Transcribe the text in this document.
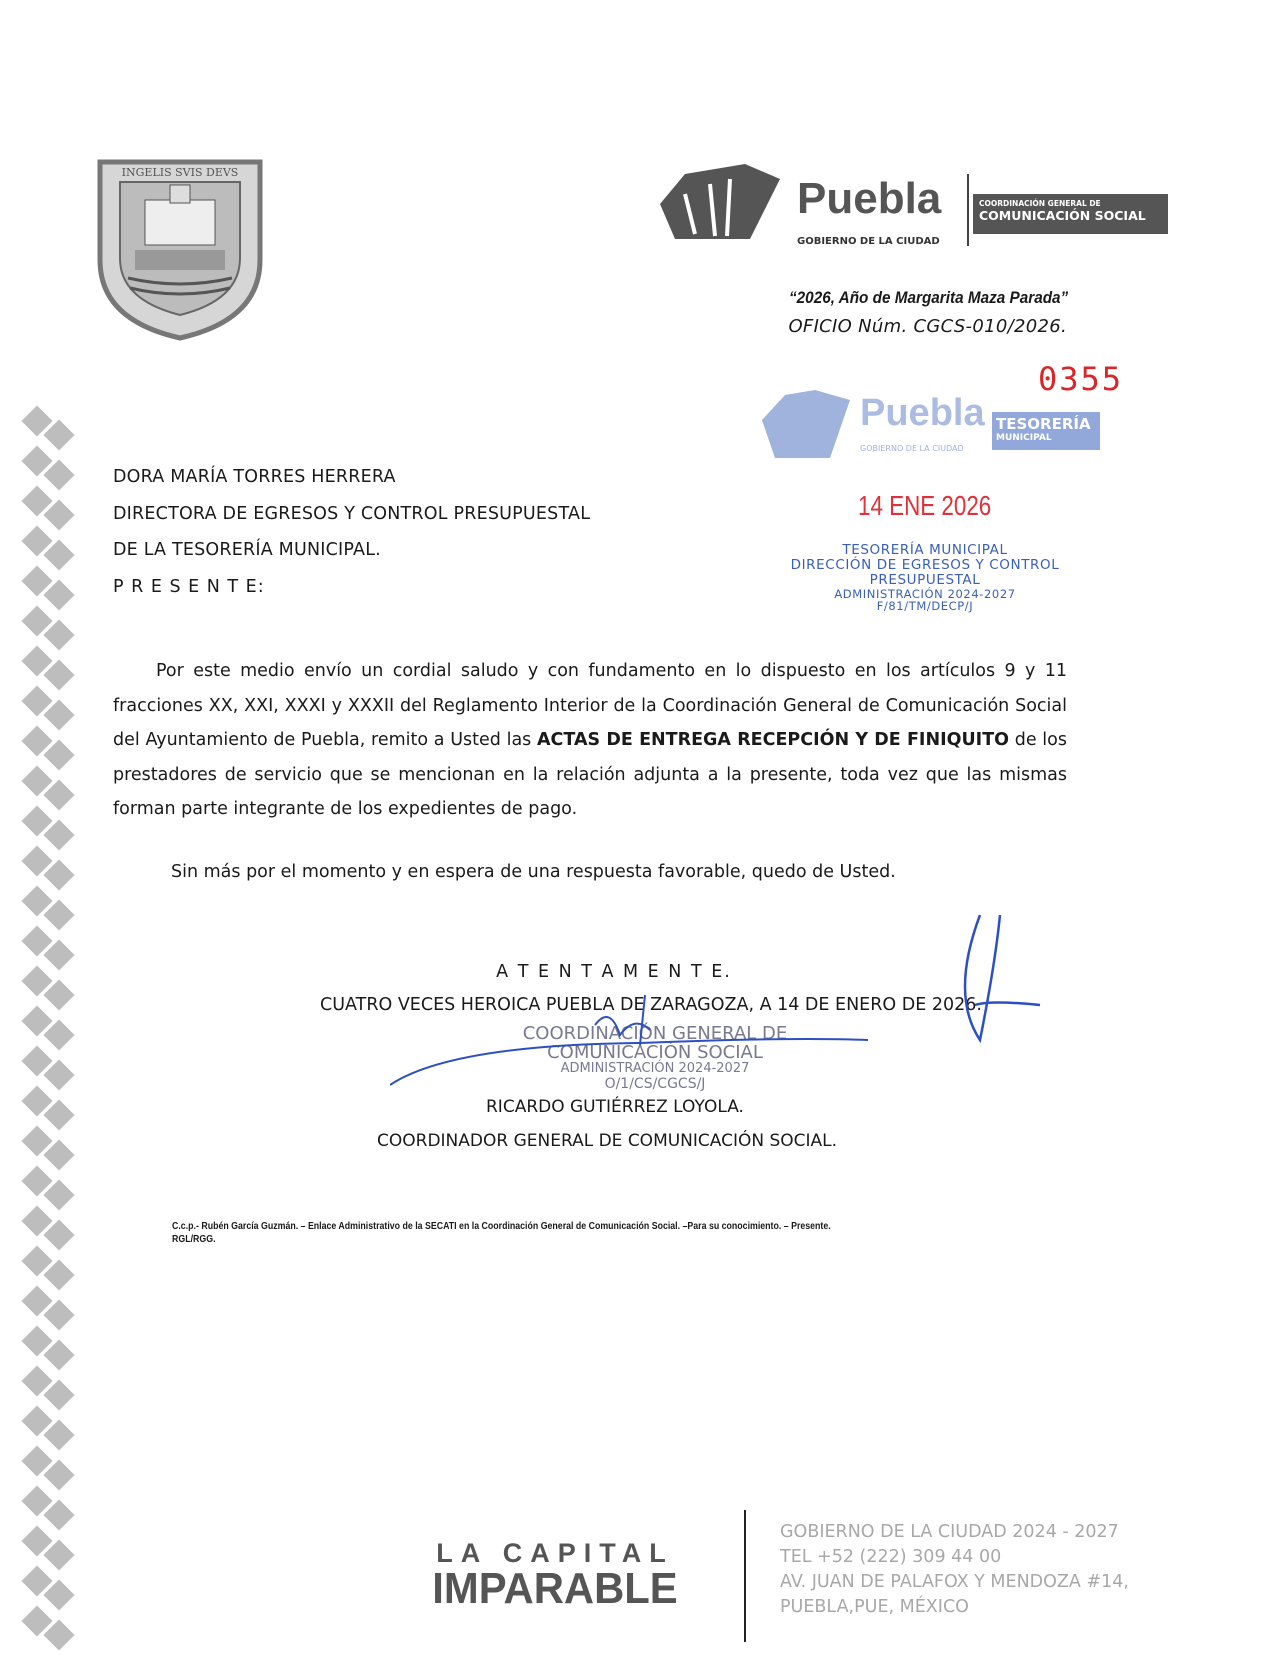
INGELIS SVIS DEVS
Puebla
GOBIERNO DE LA CIUDAD
COORDINACIÓN GENERAL DE
COMUNICACIÓN SOCIAL
“2026, Año de Margarita Maza Parada”
OFICIO Núm. CGCS-010/2026.
0355
Puebla
GOBIERNO DE LA CIUDAD
TESORERÍA
MUNICIPAL
14 ENE 2026
TESORERÍA MUNICIPAL
DIRECCIÓN DE EGRESOS Y CONTROL
PRESUPUESTAL
ADMINISTRACIÓN 2024-2027
F/81/TM/DECP/J
DORA MARÍA TORRES HERRERA
DIRECTORA DE EGRESOS Y CONTROL PRESUPUESTAL
DE LA TESORERÍA MUNICIPAL.
P R E S E N T E:

Por este medio envío un cordial saludo y con fundamento en lo dispuesto en los artículos 9 y 11 fracciones XX, XXI, XXXI y XXXII del Reglamento Interior de la Coordinación General de Comunicación Social del Ayuntamiento de Puebla, remito a Usted las ACTAS DE ENTREGA RECEPCIÓN Y DE FINIQUITO de los prestadores de servicio que se mencionan en la relación adjunta a la presente, toda vez que las mismas forman parte integrante de los expedientes de pago.

Sin más por el momento y en espera de una respuesta favorable, quedo de Usted.
A T E N T A M E N T E.
CUATRO VECES HEROICA PUEBLA DE ZARAGOZA, A 14 DE ENERO DE 2026.
COORDINACIÓN GENERAL DE
COMUNICACIÓN SOCIAL
ADMINISTRACIÓN 2024-2027
O/1/CS/CGCS/J
RICARDO GUTIÉRREZ LOYOLA.
COORDINADOR GENERAL DE COMUNICACIÓN SOCIAL.
C.c.p.- Rubén García Guzmán. – Enlace Administrativo de la SECATI en la Coordinación General de Comunicación Social. –Para su conocimiento. – Presente.
RGL/RGG.
LA CAPITAL
IMPARABLE
GOBIERNO DE LA CIUDAD 2024 - 2027
TEL +52 (222) 309 44 00
AV. JUAN DE PALAFOX Y MENDOZA #14,
PUEBLA,PUE, MÉXICO
